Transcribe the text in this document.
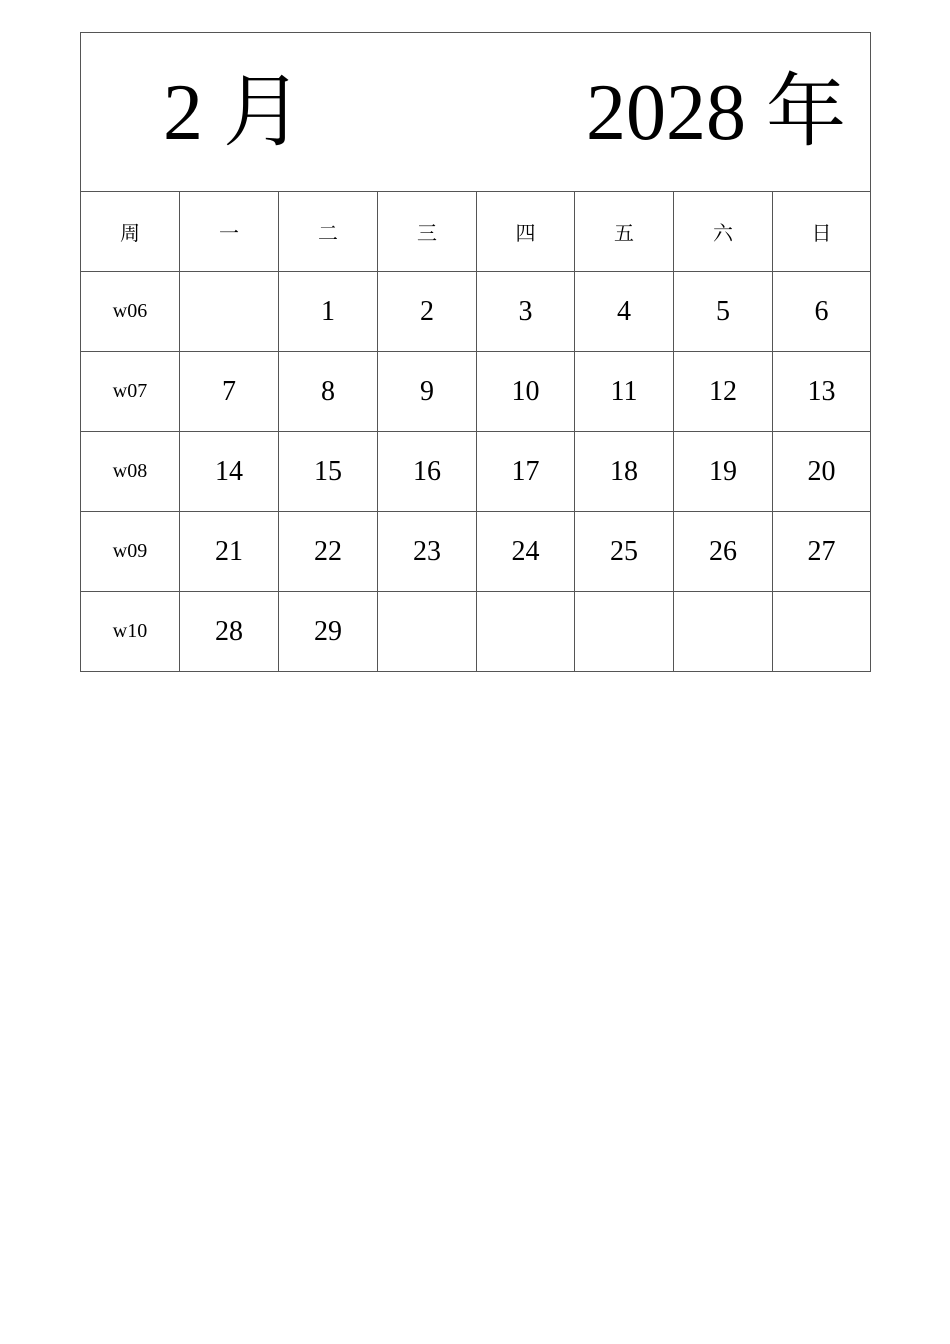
2 月 2028 年							

周	一	二	三	四	五	六	日
w06		1	2	3	4	5	6
w07	7	8	9	10	11	12	13
w08	14	15	16	17	18	19	20
w09	21	22	23	24	25	26	27
w10	28	29					
